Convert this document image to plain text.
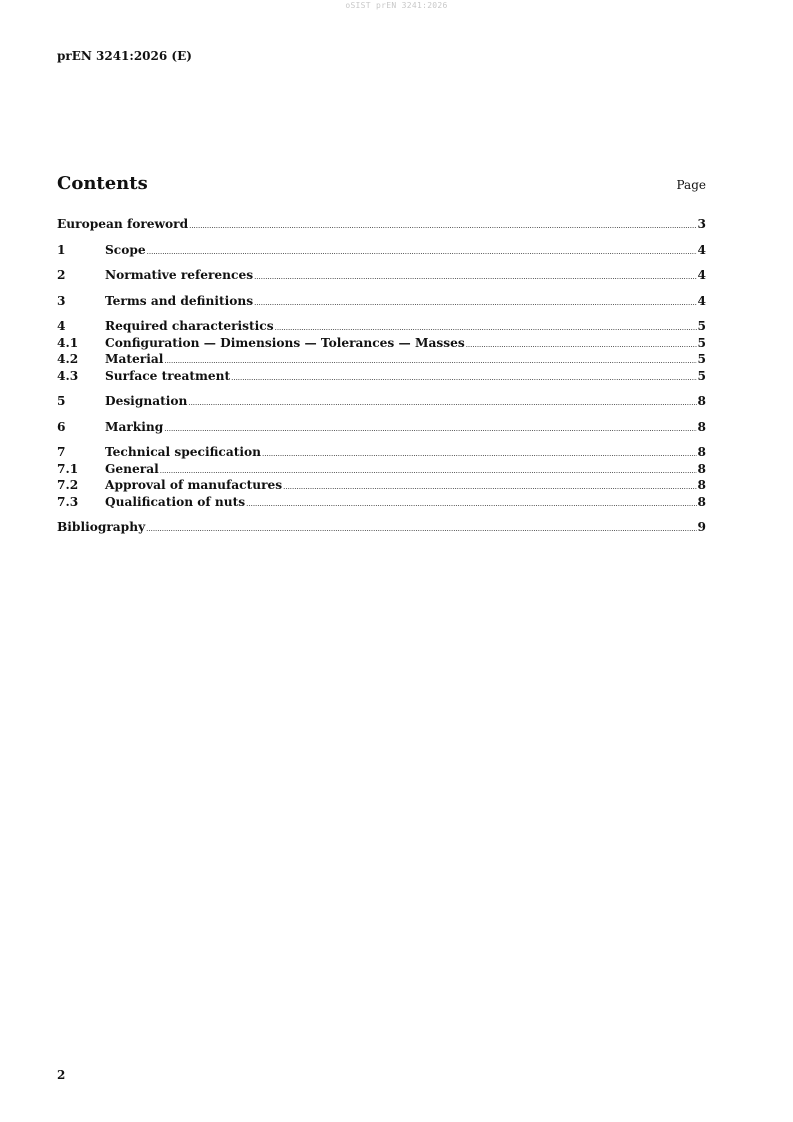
oSIST prEN 3241:2026
prEN 3241:2026 (E)
Contents	Page
European foreword .....	3
1	Scope .....	4
2	Normative references .....	4
3	Terms and definitions .....	4
4	Required characteristics .....	5
4.1	Configuration — Dimensions — Tolerances — Masses .....	5
4.2	Material .....	5
4.3	Surface treatment .....	5
5	Designation .....	8
6	Marking .....	8
7	Technical specification .....	8
7.1	General .....	8
7.2	Approval of manufactures .....	8
7.3	Qualification of nuts .....	8
Bibliography .....	9
2
